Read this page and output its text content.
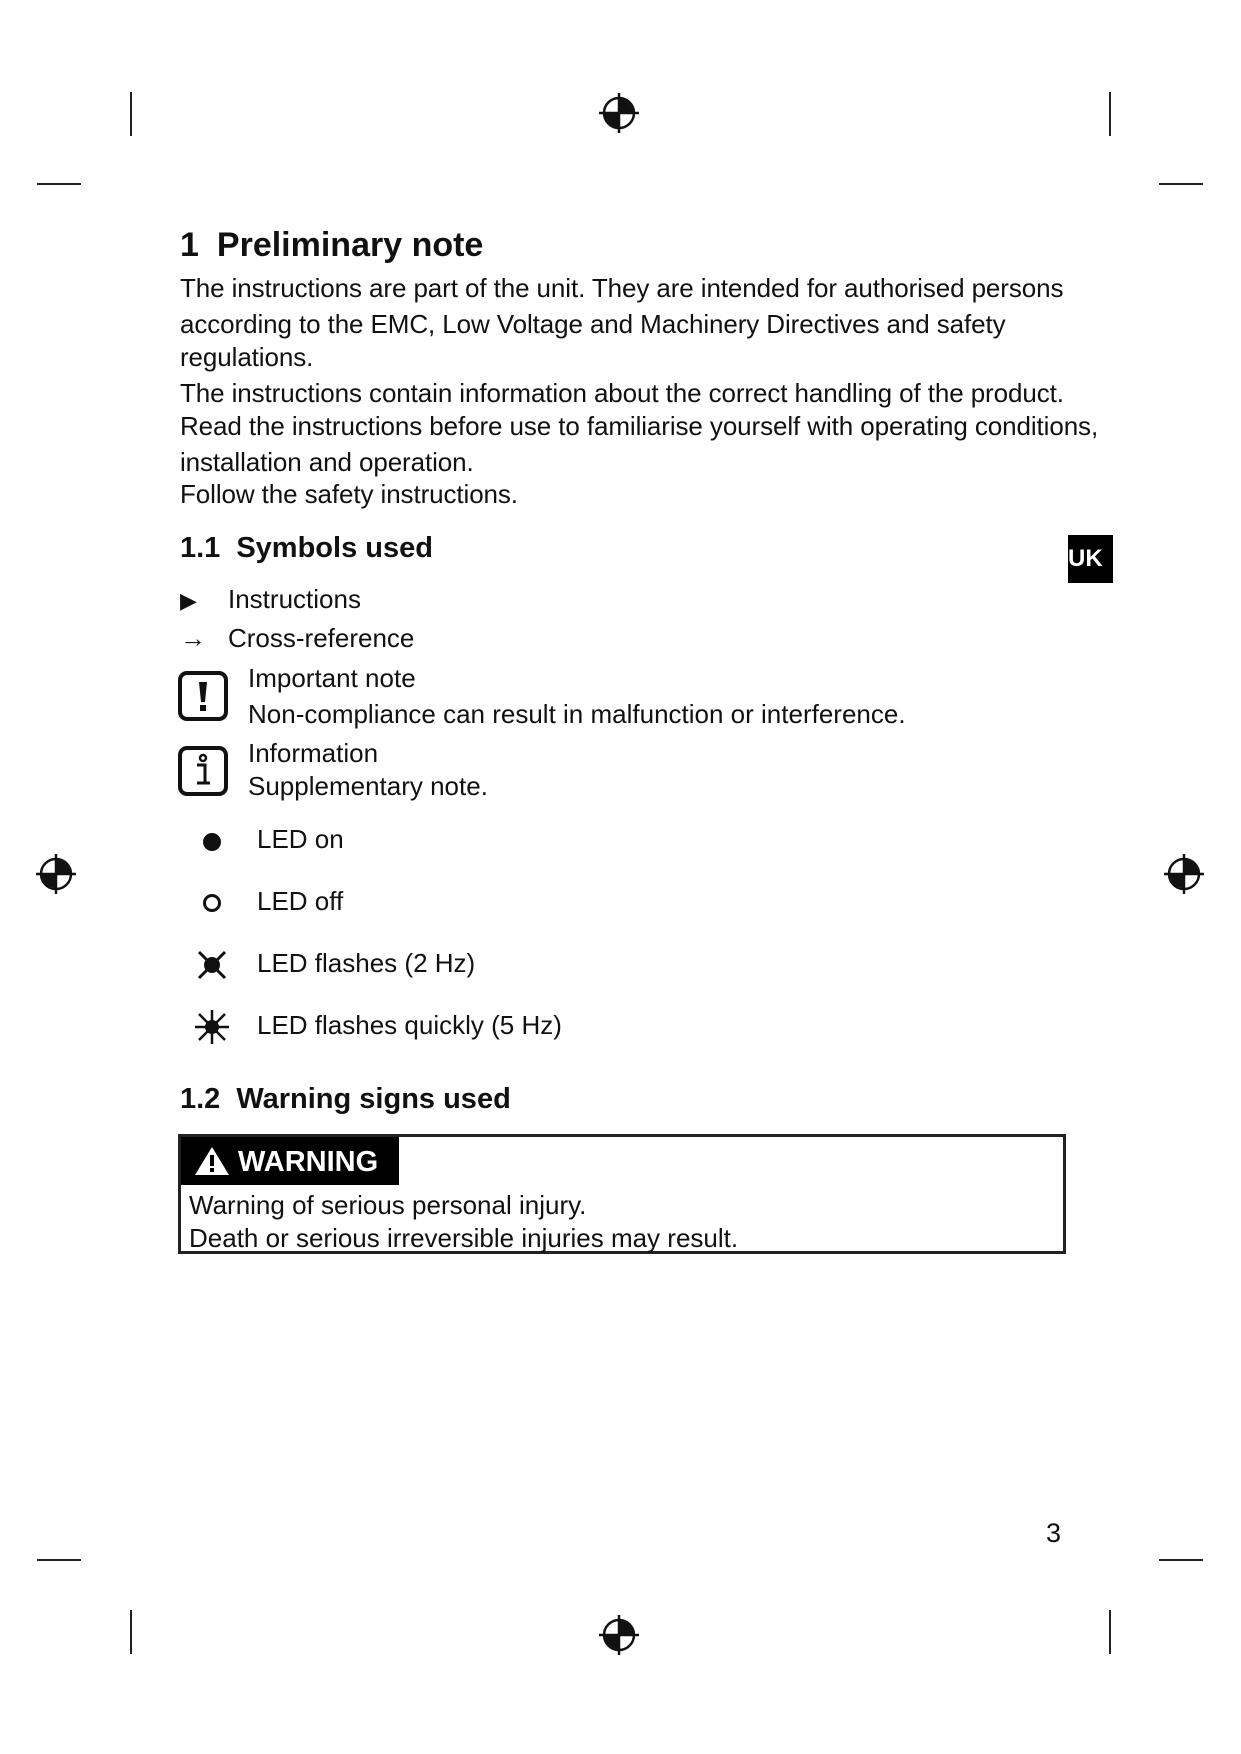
1 Preliminary note
The instructions are part of the unit. They are intended for authorised persons
according to the EMC, Low Voltage and Machinery Directives and safety
regulations.
The instructions contain information about the correct handling of the product.
Read the instructions before use to familiarise yourself with operating conditions,
installation and operation.
Follow the safety instructions.
1.1 Symbols used	UK
▶ Instructions
→ Cross-reference
Important note
Non-compliance can result in malfunction or interference.
Information
Supplementary note.
LED on
LED off
LED flashes (2 Hz)
LED flashes quickly (5 Hz)
1.2 Warning signs used
WARNING
Warning of serious personal injury.
Death or serious irreversible injuries may result.
3
